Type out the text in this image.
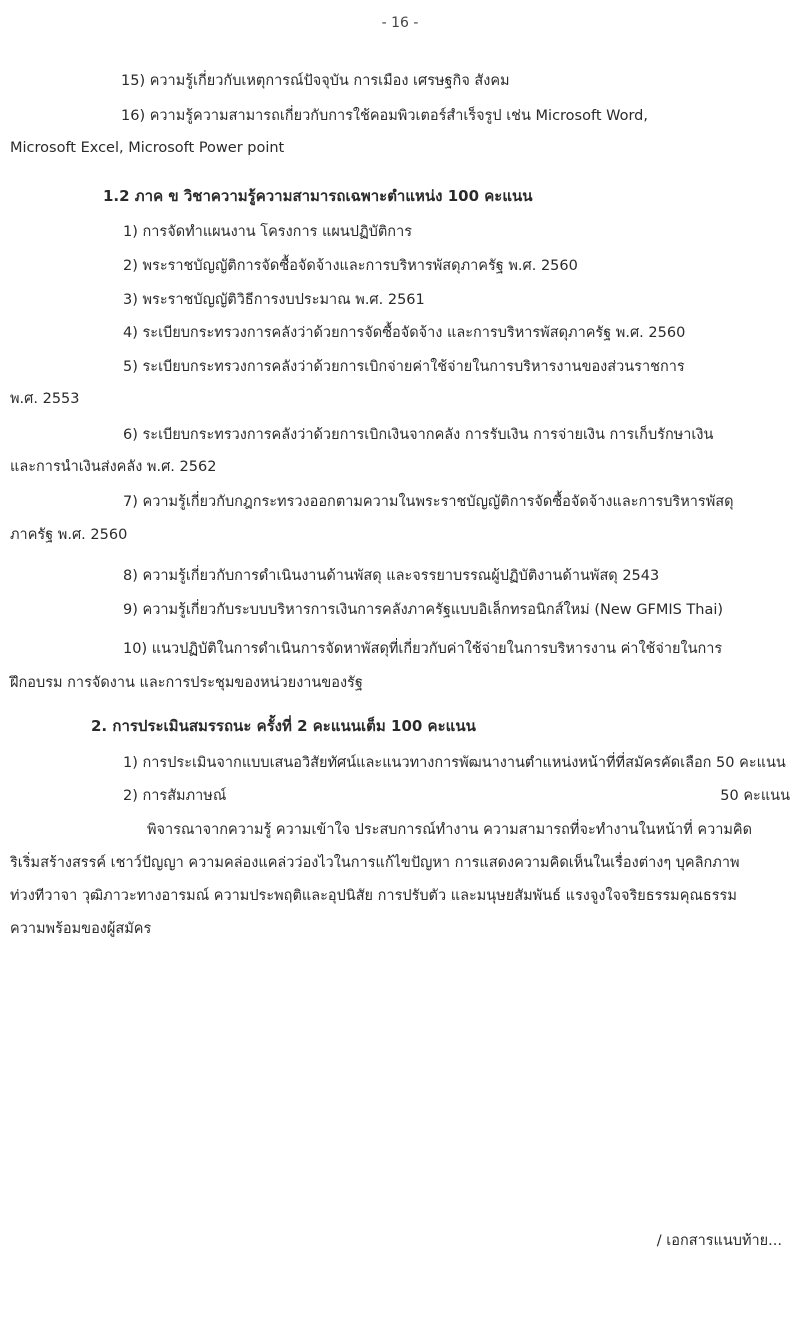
- 16 -
15) ความรู้เกี่ยวกับเหตุการณ์ปัจจุบัน การเมือง เศรษฐกิจ สังคม
16) ความรู้ความสามารถเกี่ยวกับการใช้คอมพิวเตอร์สำเร็จรูป เช่น Microsoft Word,
Microsoft Excel, Microsoft Power point
1.2 ภาค ข วิชาความรู้ความสามารถเฉพาะตำแหน่ง 100 คะแนน
1) การจัดทำแผนงาน โครงการ แผนปฏิบัติการ
2) พระราชบัญญัติการจัดซื้อจัดจ้างและการบริหารพัสดุภาครัฐ พ.ศ. 2560
3) พระราชบัญญัติวิธีการงบประมาณ พ.ศ. 2561
4) ระเบียบกระทรวงการคลังว่าด้วยการจัดซื้อจัดจ้าง และการบริหารพัสดุภาครัฐ พ.ศ. 2560
5) ระเบียบกระทรวงการคลังว่าด้วยการเบิกจ่ายค่าใช้จ่ายในการบริหารงานของส่วนราชการ
พ.ศ. 2553
6) ระเบียบกระทรวงการคลังว่าด้วยการเบิกเงินจากคลัง การรับเงิน การจ่ายเงิน การเก็บรักษาเงิน
และการนำเงินส่งคลัง พ.ศ. 2562
7) ความรู้เกี่ยวกับกฎกระทรวงออกตามความในพระราชบัญญัติการจัดซื้อจัดจ้างและการบริหารพัสดุ
ภาครัฐ พ.ศ. 2560
8) ความรู้เกี่ยวกับการดำเนินงานด้านพัสดุ และจรรยาบรรณผู้ปฏิบัติงานด้านพัสดุ 2543
9) ความรู้เกี่ยวกับระบบบริหารการเงินการคลังภาครัฐแบบอิเล็กทรอนิกส์ใหม่ (New GFMIS Thai)
10) แนวปฏิบัติในการดำเนินการจัดหาพัสดุที่เกี่ยวกับค่าใช้จ่ายในการบริหารงาน ค่าใช้จ่ายในการ
ฝึกอบรม การจัดงาน และการประชุมของหน่วยงานของรัฐ
2. การประเมินสมรรถนะ ครั้งที่ 2 คะแนนเต็ม 100 คะแนน
1) การประเมินจากแบบเสนอวิสัยทัศน์และแนวทางการพัฒนางานตำแหน่งหน้าที่ที่สมัครคัดเลือก 50 คะแนน
2) การสัมภาษณ์	50 คะแนน
พิจารณาจากความรู้ ความเข้าใจ ประสบการณ์ทำงาน ความสามารถที่จะทำงานในหน้าที่ ความคิด
ริเริ่มสร้างสรรค์ เชาว์ปัญญา ความคล่องแคล่วว่องไวในการแก้ไขปัญหา การแสดงความคิดเห็นในเรื่องต่างๆ บุคลิกภาพ
ท่วงทีวาจา วุฒิภาวะทางอารมณ์ ความประพฤติและอุปนิสัย การปรับตัว และมนุษยสัมพันธ์ แรงจูงใจจริยธรรมคุณธรรม
ความพร้อมของผู้สมัคร
/ เอกสารแนบท้าย...
